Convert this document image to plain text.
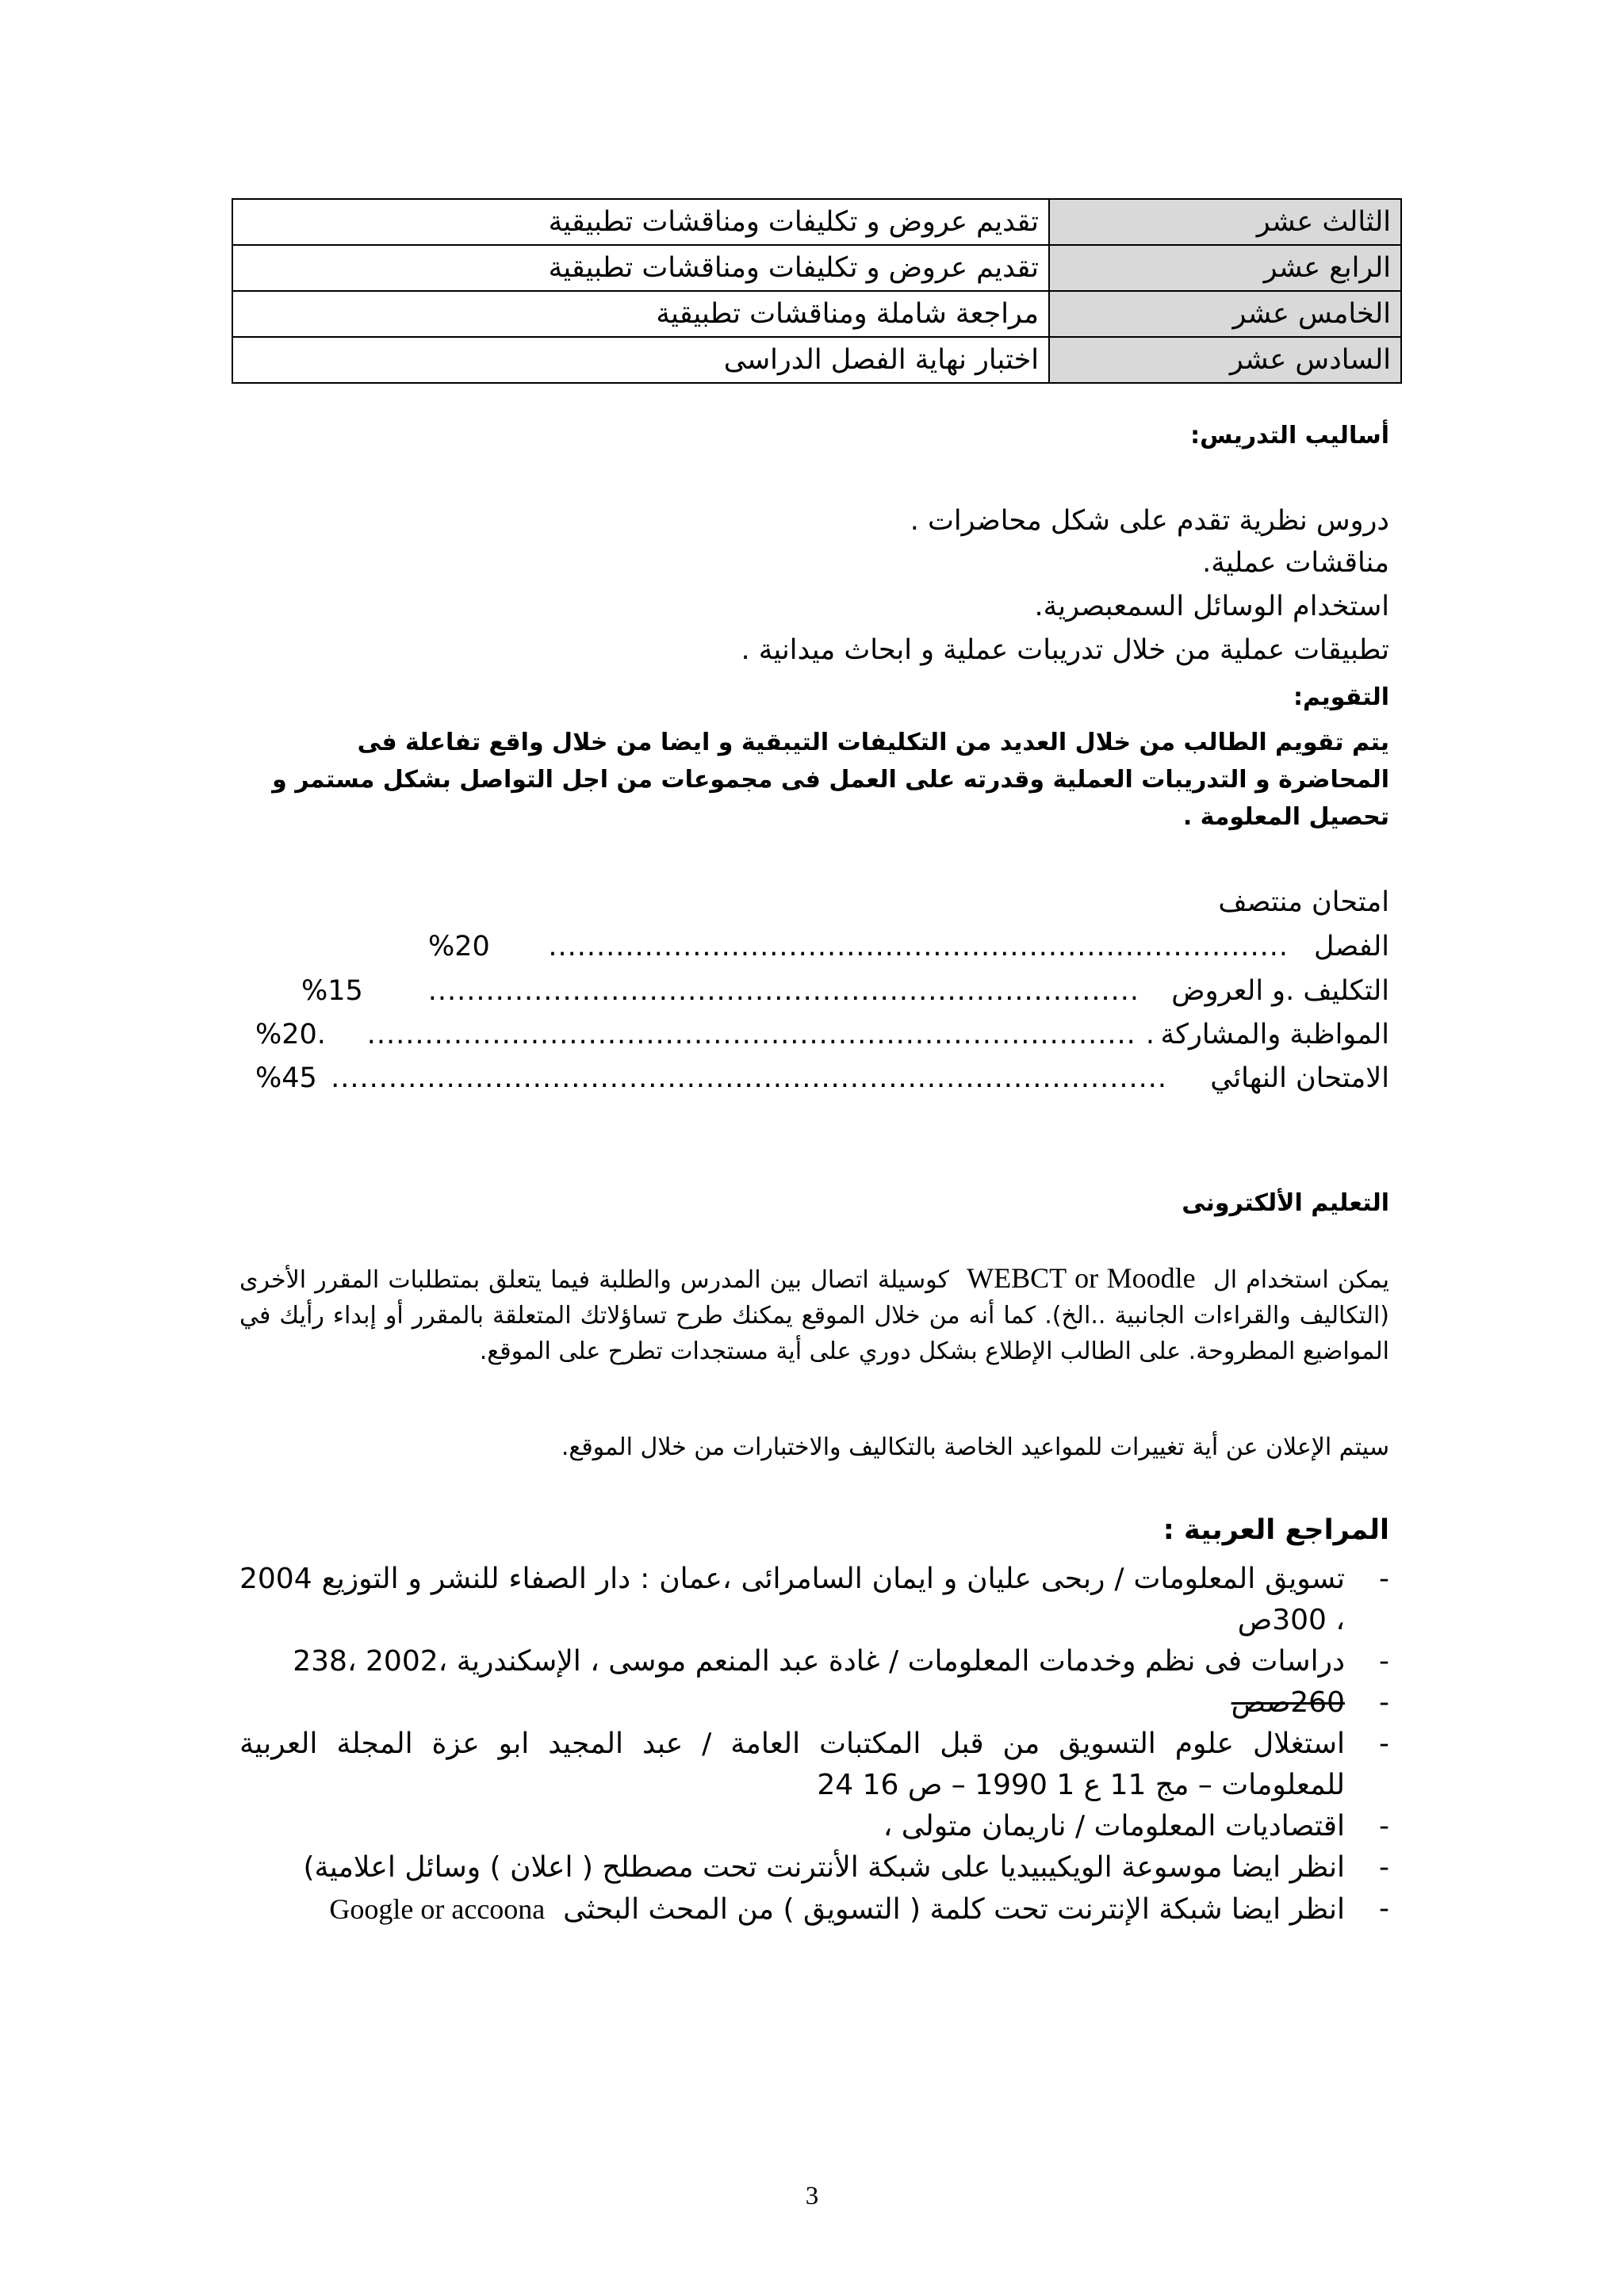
الثالث عشر	تقديم عروض و تكليفات ومناقشات تطبيقية
الرابع عشر	تقديم عروض و تكليفات ومناقشات تطبيقية
الخامس عشر	مراجعة شاملة ومناقشات تطبيقية
السادس عشر	اختبار نهاية الفصل الدراسى
أساليب التدريس:
دروس نظرية تقدم على شكل محاضرات .
مناقشات عملية.
استخدام الوسائل السمعبصرية.
تطبيقات عملية من خلال تدريبات عملية و ابحاث ميدانية .
التقويم:
يتم تقويم الطالب من خلال العديد من التكليفات التيبقية و ايضا من خلال واقع تفاعلة فى المحاضرة و التدريبات العملية وقدرته على العمل فى مجموعات من اجل التواصل بشكل مستمر و تحصيل المعلومة .
امتحان منتصف
%20	............................................................................. الفصل
%15	.......................................................................... التكليف .و العروض
%20.	................................................................................ . المواظبة والمشاركة
%45 ....................................................................................... الامتحان النهائي
التعليم الألكترونى
يمكن استخدام ال  WEBCT or Moodle  كوسيلة اتصال بين المدرس والطلبة فيما يتعلق بمتطلبات المقرر الأخرى (التكاليف والقراءات الجانبية ..الخ). كما أنه من خلال الموقع يمكنك طرح تساؤلاتك المتعلقة بالمقرر أو إبداء رأيك في المواضيع المطروحة. على الطالب الإطلاع بشكل دوري على أية مستجدات تطرح على الموقع.
سيتم الإعلان عن أية تغييرات للمواعيد الخاصة بالتكاليف والاختبارات من خلال الموقع.
المراجع العربية :
-
تسويق المعلومات / ربحى عليان و ايمان السامرائى ،عمان : دار الصفاء للنشر و التوزيع 2004 ، 300ص
-
دراسات فى نظم وخدمات المعلومات / غادة عبد المنعم موسى ، الإسكندرية ،2002 ،238
-
260صص
-
استغلال علوم التسويق من قبل المكتبات العامة / عبد المجيد ابو عزة المجلة العربية للمعلومات – مج 11 ع 1 1990 – ص 16 24
-
اقتصاديات المعلومات / ناريمان متولى ،
-
انظر ايضا موسوعة الويكيبيديا على شبكة الأنترنت تحت مصطلح ( اعلان ) وسائل اعلامية)
-
انظر ايضا شبكة الإنترنت تحت كلمة ( التسويق ) من المحث البحثى  Google or accoona
3
